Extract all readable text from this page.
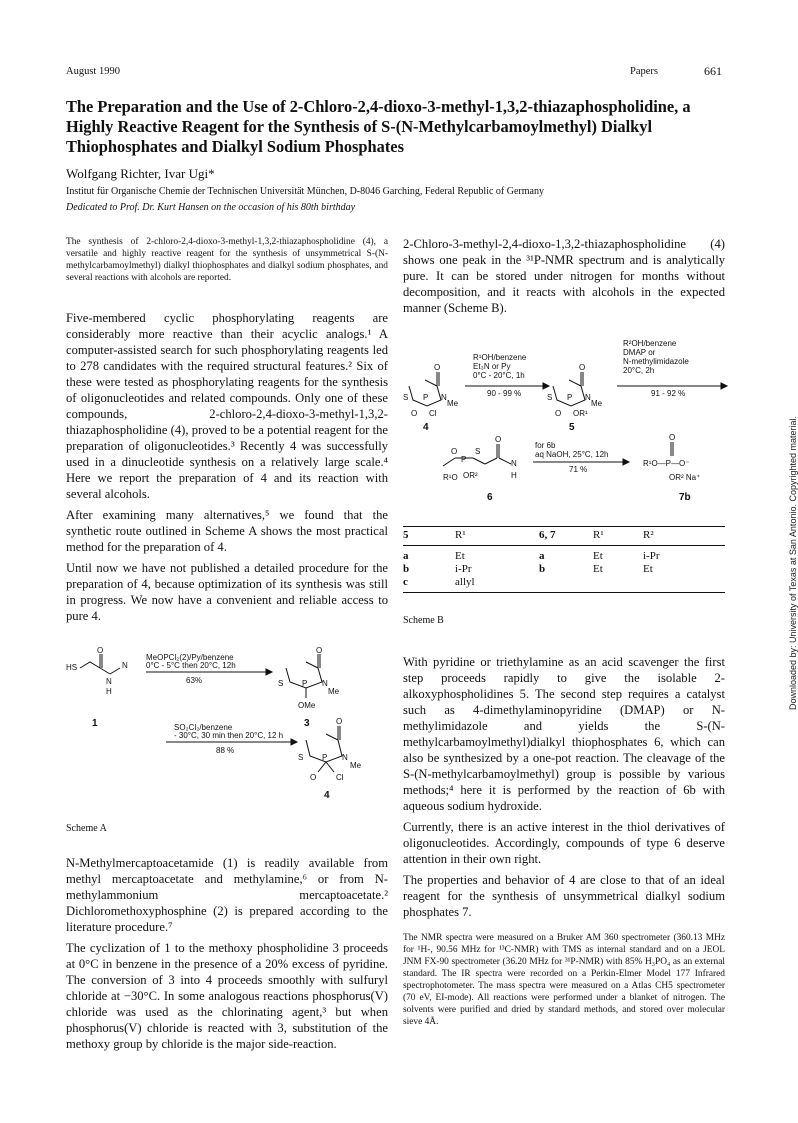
August 1990	Papers	661
The Preparation and the Use of 2-Chloro-2,4-dioxo-3-methyl-1,3,2-thiazaphospholidine, a Highly Reactive Reagent for the Synthesis of S-(N-Methylcarbamoylmethyl) Dialkyl Thiophosphates and Dialkyl Sodium Phosphates
Wolfgang Richter, Ivar Ugi*
Institut für Organische Chemie der Technischen Universität München, D-8046 Garching, Federal Republic of Germany
Dedicated to Prof. Dr. Kurt Hansen on the occasion of his 80th birthday
The synthesis of 2-chloro-2,4-dioxo-3-methyl-1,3,2-thiazaphospholidine (4), a versatile and highly reactive reagent for the synthesis of unsymmetrical S-(N-methylcarbamoylmethyl) dialkyl thiophosphates and dialkyl sodium phosphates, and several reactions with alcohols are reported.

Five-membered cyclic phosphorylating reagents are considerably more reactive than their acyclic analogs.¹ A computer-assisted search for such phosphorylating reagents led to 278 candidates with the required structural features.² Six of these were tested as phosphorylating reagents for the synthesis of oligonucleotides and related compounds. Only one of these compounds, 2-chloro-2,4-dioxo-3-methyl-1,3,2-thiazaphospholidine (4), proved to be a potential reagent for the preparation of oligonucleotides.³ Recently 4 was successfully used in a dinucleotide synthesis on a relatively large scale.⁴ Here we report the preparation of 4 and its reaction with several alcohols.

After examining many alternatives,⁵ we found that the synthetic route outlined in Scheme A shows the most practical method for the preparation of 4.

Until now we have not published a detailed procedure for the preparation of 4, because optimization of its synthesis was still in progress. We now have a convenient and reliable access to pure 4.

HS
N
H
N
O
MeOPCl₂(2)/Py/benzene
0°C - 5°C then 20°C, 12h
63%	S	N
Me
P
OMe
O
SO₂Cl₂/benzene
- 30°C, 30 min then 20°C, 12 h
88 %
S	N
Me
P
O Cl
O
1	3
4
Scheme A

N-Methylmercaptoacetamide (1) is readily available from methyl mercaptoacetate and methylamine,⁶ or from N-methylammonium mercaptoacetate.² Dichloromethoxyphosphine (2) is prepared according to the literature procedure.⁷

The cyclization of 1 to the methoxy phospholidine 3 proceeds at 0°C in benzene in the presence of a 20% excess of pyridine. The conversion of 3 into 4 proceeds smoothly with sulfuryl chloride at −30°C. In some analogous reactions phosphorus(V) chloride was used as the chlorinating agent,³ but when phosphorus(V) chloride is reacted with 3, substitution of the methoxy group by chloride is the major side-reaction.

2-Chloro-3-methyl-2,4-dioxo-1,3,2-thiazaphospholidine (4) shows one peak in the ³¹P-NMR spectrum and is analytically pure. It can be stored under nitrogen for months without decomposition, and it reacts with alcohols in the expected manner (Scheme B).

S	N
Me
P
O Cl
O
R¹OH/benzene
Et₃N or Py
0°C - 20°C, 1h
90 - 99 %	S	N
Me
P
O OR¹
O
R²OH/benzene
DMAP or
N-methylimidazole
20°C, 2h
91 - 92 %
R¹O
O
P
S
OR²
N
H
O
for 6b
aq NaOH, 25°C, 12h
71 %
R¹O—P—O⁻
O
OR² Na⁺
4	5
6	7b
5	R¹	6, 7	R¹	R²
a	Et	a	Et	i-Pr
b	i-Pr	b	Et	Et
c	allyl
Scheme B

With pyridine or triethylamine as an acid scavenger the first step proceeds rapidly to give the isolable 2-alkoxyphospholidines 5. The second step requires a catalyst such as 4-dimethylaminopyridine (DMAP) or N-methylimidazole and yields the S-(N-methylcarbamoylmethyl)dialkyl thiophosphates 6, which can also be synthesized by a one-pot reaction. The cleavage of the S-(N-methylcarbamoylmethyl) group is possible by various methods;⁴ here it is performed by the reaction of 6b with aqueous sodium hydroxide.

Currently, there is an active interest in the thiol derivatives of oligonucleotides. Accordingly, compounds of type 6 deserve attention in their own right.

The properties and behavior of 4 are close to that of an ideal reagent for the synthesis of unsymmetrical dialkyl sodium phosphates 7.

The NMR spectra were measured on a Bruker AM 360 spectrometer (360.13 MHz for ¹H-, 90.56 MHz for ¹³C-NMR) with TMS as internal standard and on a JEOL JNM FX-90 spectrometer (36.20 MHz for ³¹P-NMR) with 85% H₃PO₄ as an external standard. The IR spectra were recorded on a Perkin-Elmer Model 177 Infrared spectrophotometer. The mass spectra were measured on a Atlas CH5 spectrometer (70 eV, EI-mode). All reactions were performed under a blanket of nitrogen. The solvents were purified and dried by standard methods, and stored over molecular sieve 4Å.
Downloaded by: University of Texas at San Antonio. Copyrighted material.
